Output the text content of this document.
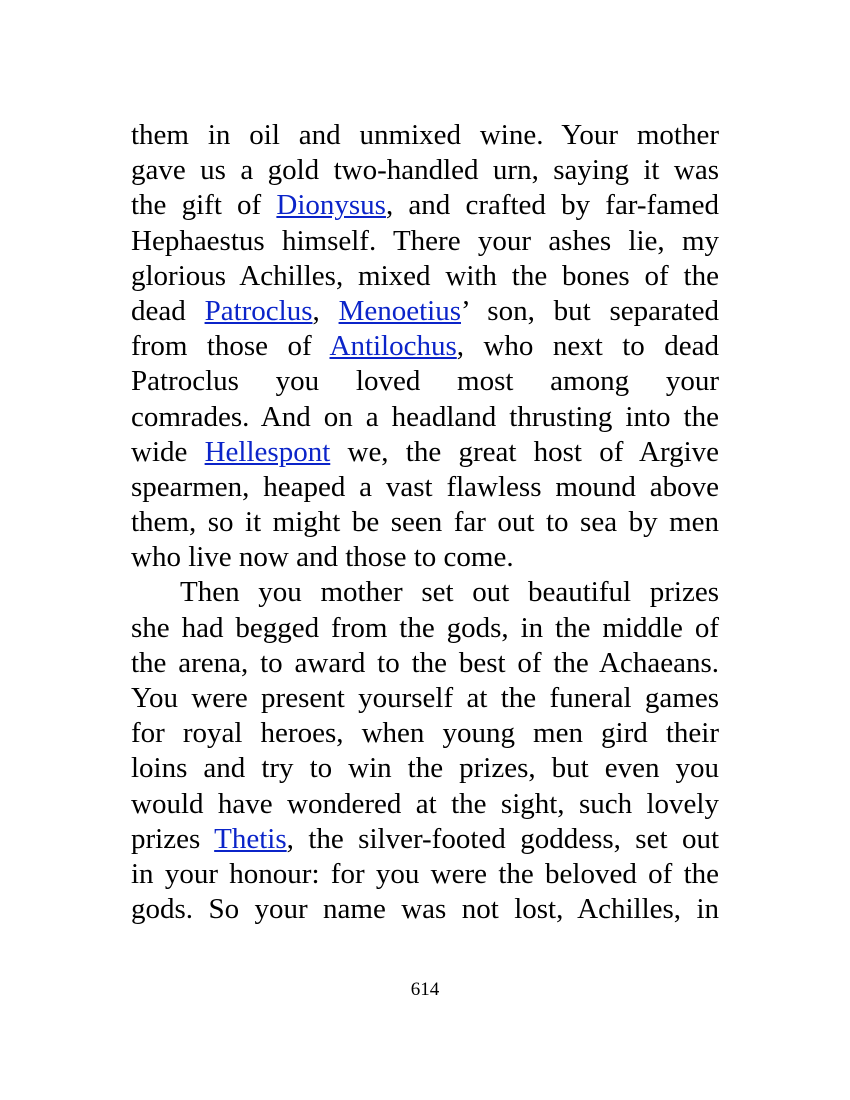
them in oil and unmixed wine. Your mother
gave us a gold two-handled urn, saying it was
the gift of Dionysus, and crafted by far-famed
Hephaestus himself. There your ashes lie, my
glorious Achilles, mixed with the bones of the
dead Patroclus, Menoetius’ son, but separated
from those of Antilochus, who next to dead
Patroclus you loved most among your
comrades. And on a headland thrusting into the
wide Hellespont we, the great host of Argive
spearmen, heaped a vast flawless mound above
them, so it might be seen far out to sea by men
who live now and those to come.
Then you mother set out beautiful prizes
she had begged from the gods, in the middle of
the arena, to award to the best of the Achaeans.
You were present yourself at the funeral games
for royal heroes, when young men gird their
loins and try to win the prizes, but even you
would have wondered at the sight, such lovely
prizes Thetis, the silver-footed goddess, set out
in your honour: for you were the beloved of the
gods. So your name was not lost, Achilles, in
614
